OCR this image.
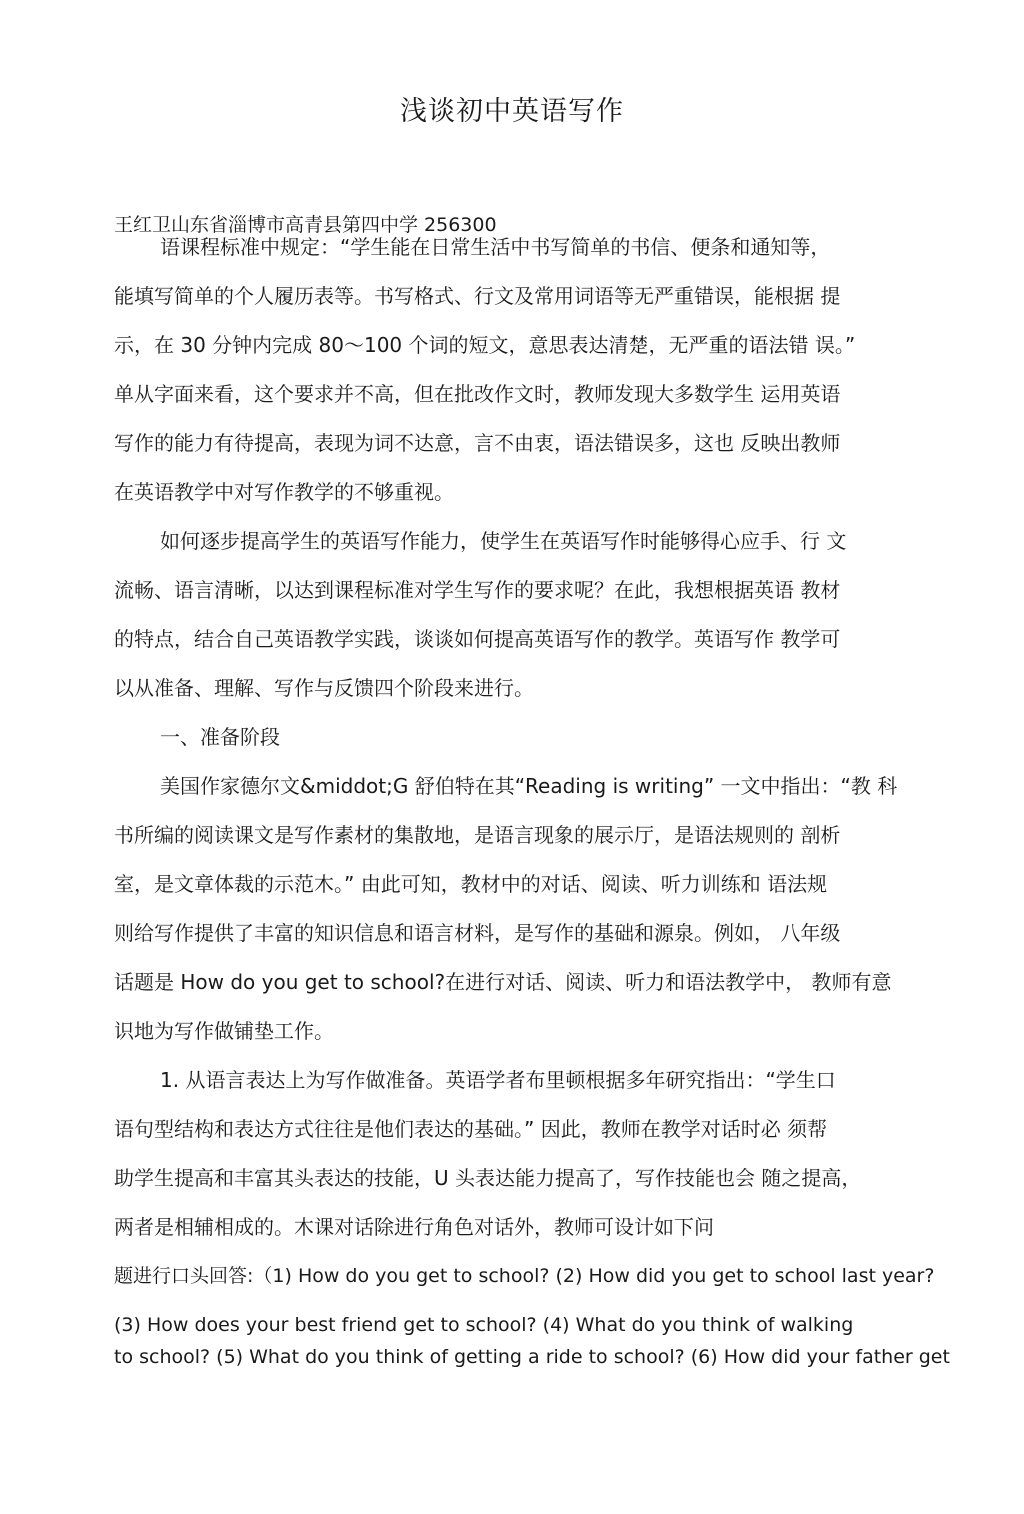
浅谈初中英语写作
王红卫山东省淄博市高青县第四中学 256300
语课程标准中规定：“学生能在日常生活中书写简单的书信、便条和通知等，
能填写简单的个人履历表等。书写格式、行文及常用词语等无严重错误，能根据 提
示，在 30 分钟内完成 80～100 个词的短文，意思表达清楚，无严重的语法错 误。”
单从字面来看，这个要求并不高，但在批改作文时，教师发现大多数学生 运用英语
写作的能力有待提高，表现为词不达意，言不由衷，语法错误多，这也 反映出教师
在英语教学中对写作教学的不够重视。
如何逐步提高学生的英语写作能力，使学生在英语写作时能够得心应手、行 文
流畅、语言清晰，以达到课程标准对学生写作的要求呢？在此，我想根据英语 教材
的特点，结合自己英语教学实践，谈谈如何提高英语写作的教学。英语写作 教学可
以从准备、理解、写作与反馈四个阶段来进行。
一、准备阶段
美国作家德尔文&middot;G 舒伯特在其“Reading is writing” 一文中指出：“教 科
书所编的阅读课文是写作素材的集散地，是语言现象的展示厅，是语法规则的 剖析
室，是文章体裁的示范木。” 由此可知，教材中的对话、阅读、听力训练和 语法规
则给写作提供了丰富的知识信息和语言材料，是写作的基础和源泉。例如， 八年级
话题是 How do you get to school?在进行对话、阅读、听力和语法教学中， 教师有意
识地为写作做铺垫工作。
1. 从语言表达上为写作做准备。英语学者布里顿根据多年研究指出：“学生口
语句型结构和表达方式往往是他们表达的基础。” 因此，教师在教学对话时必 须帮
助学生提高和丰富其头表达的技能，U 头表达能力提高了，写作技能也会 随之提高，
两者是相辅相成的。木课对话除进行角色对话外，教师可设计如下问
题进行口头回答:（1) How do you get to school? (2) How did you get to school last year?
(3) How does your best friend get to school? (4) What do you think of walking
to school? (5) What do you think of getting a ride to school? (6) How did your father get
